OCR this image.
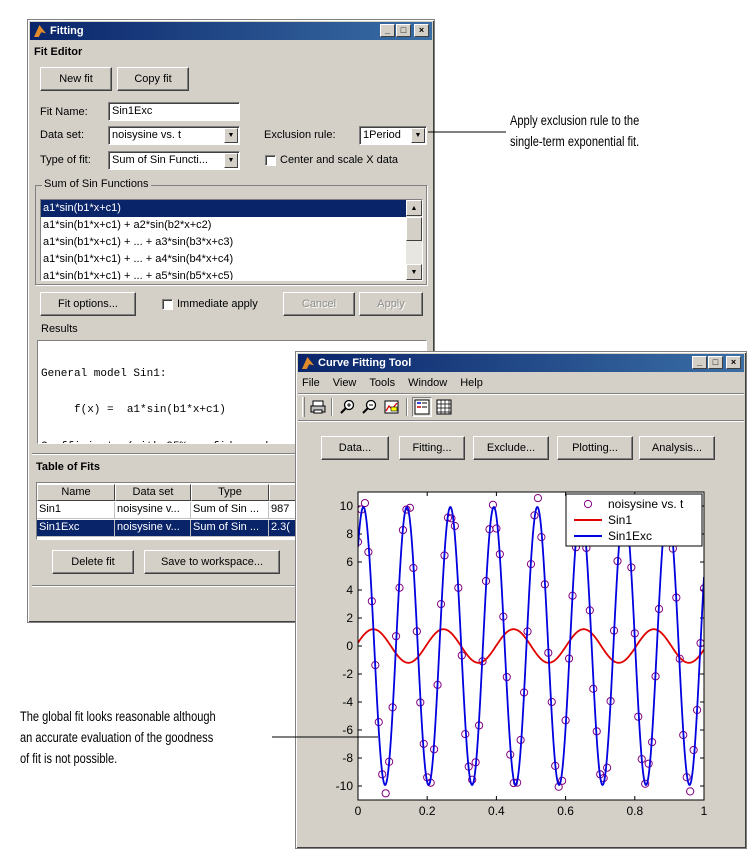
Fitting	_	□	×
Fit Editor
New fit	Copy fit
Fit Name:	Sin1Exc
Data set:	noisysine vs. t	▼	Exclusion rule:	1Period	▼
Type of fit:	Sum of Sin Functi...	▼	Center and scale X data
Sum of Sin Functions
a1*sin(b1*x+c1)
a1*sin(b1*x+c1) + a2*sin(b2*x+c2)
a1*sin(b1*x+c1) + ... + a3*sin(b3*x+c3)
a1*sin(b1*x+c1) + ... + a4*sin(b4*x+c4)
a1*sin(b1*x+c1) + ... + a5*sin(b5*x+c5)
▲
▼
Fit options...	Immediate apply	Cancel	Apply
Results

General model Sin1:

f(x) =  a1*sin(b1*x+c1)

Table of Fits
Name	Data set	Type
Sin1	noisysine v...	Sum of Sin ...	987
Sin1Exc	noisysine v...	Sum of Sin ...	2.3(
Delete fit	Save to workspace...
Apply exclusion rule to the
single-term exponential fit.
Curve Fitting Tool	_	□	×
File View Tools Window Help
Data...	Fitting...	Exclude...	Plotting...	Analysis...
0	0.2	0.4	0.6	0.8	1
-10
-8
-6
-4
-2
0
2
4
6
8
10	noisysine vs. t
Sin1
Sin1Exc
The global fit looks reasonable although
an accurate evaluation of the goodness
of fit is not possible.
